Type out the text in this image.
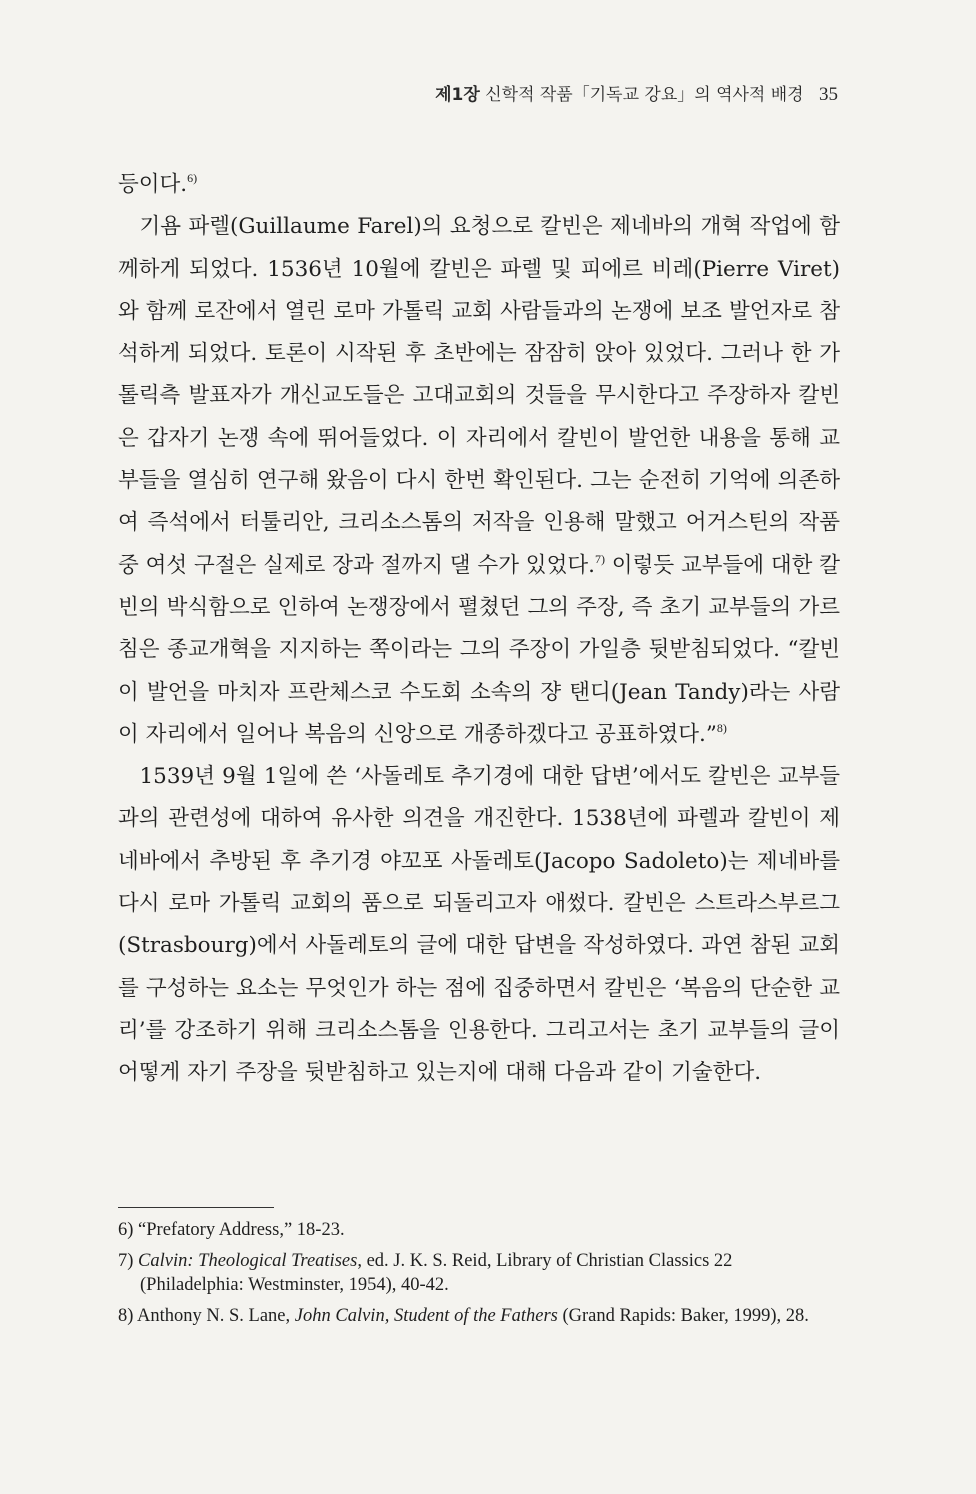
제1장 신학적 작품「기독교 강요」의 역사적 배경 35

등이다.$^{6)}$

기욤 파렐(Guillaume Farel)의 요청으로 칼빈은 제네바의 개혁 작업에 함께하게 되었다. 1536년 10월에 칼빈은 파렐 및 피에르 비레(Pierre Viret)와 함께 로잔에서 열린 로마 가톨릭 교회 사람들과의 논쟁에 보조 발언자로 참석하게 되었다. 토론이 시작된 후 초반에는 잠잠히 앉아 있었다. 그러나 한 가톨릭측 발표자가 개신교도들은 고대교회의 것들을 무시한다고 주장하자 칼빈은 갑자기 논쟁 속에 뛰어들었다. 이 자리에서 칼빈이 발언한 내용을 통해 교부들을 열심히 연구해 왔음이 다시 한번 확인된다. 그는 순전히 기억에 의존하여 즉석에서 터툴리안, 크리소스톰의 저작을 인용해 말했고 어거스틴의 작품 중 여섯 구절은 실제로 장과 절까지 댈 수가 있었다.$^{7)}$ 이렇듯 교부들에 대한 칼빈의 박식함으로 인하여 논쟁장에서 펼쳤던 그의 주장, 즉 초기 교부들의 가르침은 종교개혁을 지지하는 쪽이라는 그의 주장이 가일층 뒷받침되었다. “칼빈이 발언을 마치자 프란체스코 수도회 소속의 쟝 탠디(Jean Tandy)라는 사람이 자리에서 일어나 복음의 신앙으로 개종하겠다고 공표하였다.”$^{8)}$

1539년 9월 1일에 쓴 ‘사돌레토 추기경에 대한 답변’에서도 칼빈은 교부들과의 관련성에 대하여 유사한 의견을 개진한다. 1538년에 파렐과 칼빈이 제네바에서 추방된 후 추기경 야꼬포 사돌레토(Jacopo Sadoleto)는 제네바를 다시 로마 가톨릭 교회의 품으로 되돌리고자 애썼다. 칼빈은 스트라스부르그(Strasbourg)에서 사돌레토의 글에 대한 답변을 작성하였다. 과연 참된 교회를 구성하는 요소는 무엇인가 하는 점에 집중하면서 칼빈은 ‘복음의 단순한 교리’를 강조하기 위해 크리소스톰을 인용한다. 그리고서는 초기 교부들의 글이 어떻게 자기 주장을 뒷받침하고 있는지에 대해 다음과 같이 기술한다.

6) “Prefatory Address,” 18-23.
7) Calvin: Theological Treatises, ed. J. K. S. Reid, Library of Christian Classics 22 (Philadelphia: Westminster, 1954), 40-42.
8) Anthony N. S. Lane, John Calvin, Student of the Fathers (Grand Rapids: Baker, 1999), 28.
